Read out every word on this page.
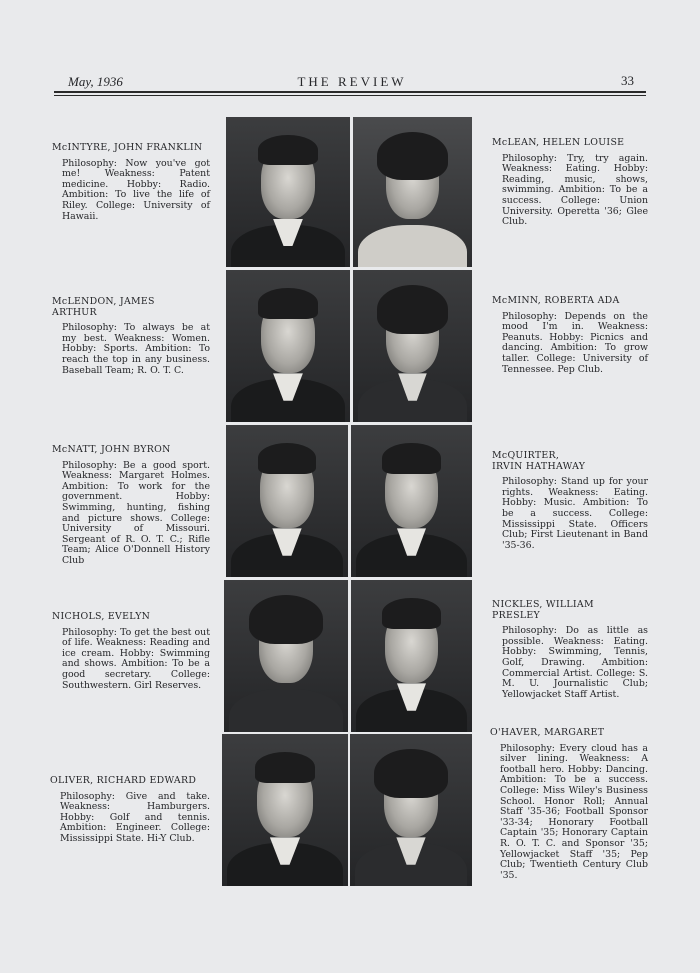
May, 1936	THE REVIEW	33
McINTYRE, JOHN FRANKLIN
Philosophy: Now you've got me! Weakness: Patent medicine. Hobby: Radio. Ambition: To live the life of Riley. College: University of Hawaii.
McLENDON, JAMES ARTHUR
Philosophy: To always be at my best. Weakness: Women. Hobby: Sports. Ambition: To reach the top in any business. Baseball Team; R. O. T. C.
McNATT, JOHN BYRON
Philosophy: Be a good sport. Weakness: Margaret Holmes. Ambition: To work for the government. Hobby: Swimming, hunting, fishing and picture shows. College: University of Missouri. Sergeant of R. O. T. C.; Rifle Team; Alice O'Donnell History Club
NICHOLS, EVELYN
Philosophy: To get the best out of life. Weakness: Reading and ice cream. Hobby: Swimming and shows. Ambition: To be a good secretary. College: Southwestern. Girl Reserves.
OLIVER, RICHARD EDWARD
Philosophy: Give and take. Weakness: Hamburgers. Hobby: Golf and tennis. Ambition: Engineer. College: Mississippi State. Hi-Y Club.
McLEAN, HELEN LOUISE
Philosophy: Try, try again. Weakness: Eating. Hobby: Reading, music, shows, swimming. Ambition: To be a success. College: Union University. Operetta '36; Glee Club.
McMINN, ROBERTA ADA
Philosophy: Depends on the mood I'm in. Weakness: Peanuts. Hobby: Picnics and dancing. Ambition: To grow taller. College: University of Tennessee. Pep Club.
McQUIRTER, IRVIN HATHAWAY
Philosophy: Stand up for your rights. Weakness: Eating. Hobby: Music. Ambition: To be a success. College: Mississippi State. Officers Club; First Lieutenant in Band '35-36.
NICKLES, WILLIAM PRESLEY
Philosophy: Do as little as possible. Weakness: Eating. Hobby: Swimming, Tennis, Golf, Drawing. Ambition: Commercial Artist. College: S. M. U. Journalistic Club; Yellowjacket Staff Artist.
O'HAVER, MARGARET
Philosophy: Every cloud has a silver lining. Weakness: A football hero. Hobby: Dancing. Ambition: To be a success. College: Miss Wiley's Business School. Honor Roll; Annual Staff '35-36; Football Sponsor '33-34; Honorary Football Captain '35; Honorary Captain R. O. T. C. and Sponsor '35; Yellowjacket Staff '35; Pep Club; Twentieth Century Club '35.
